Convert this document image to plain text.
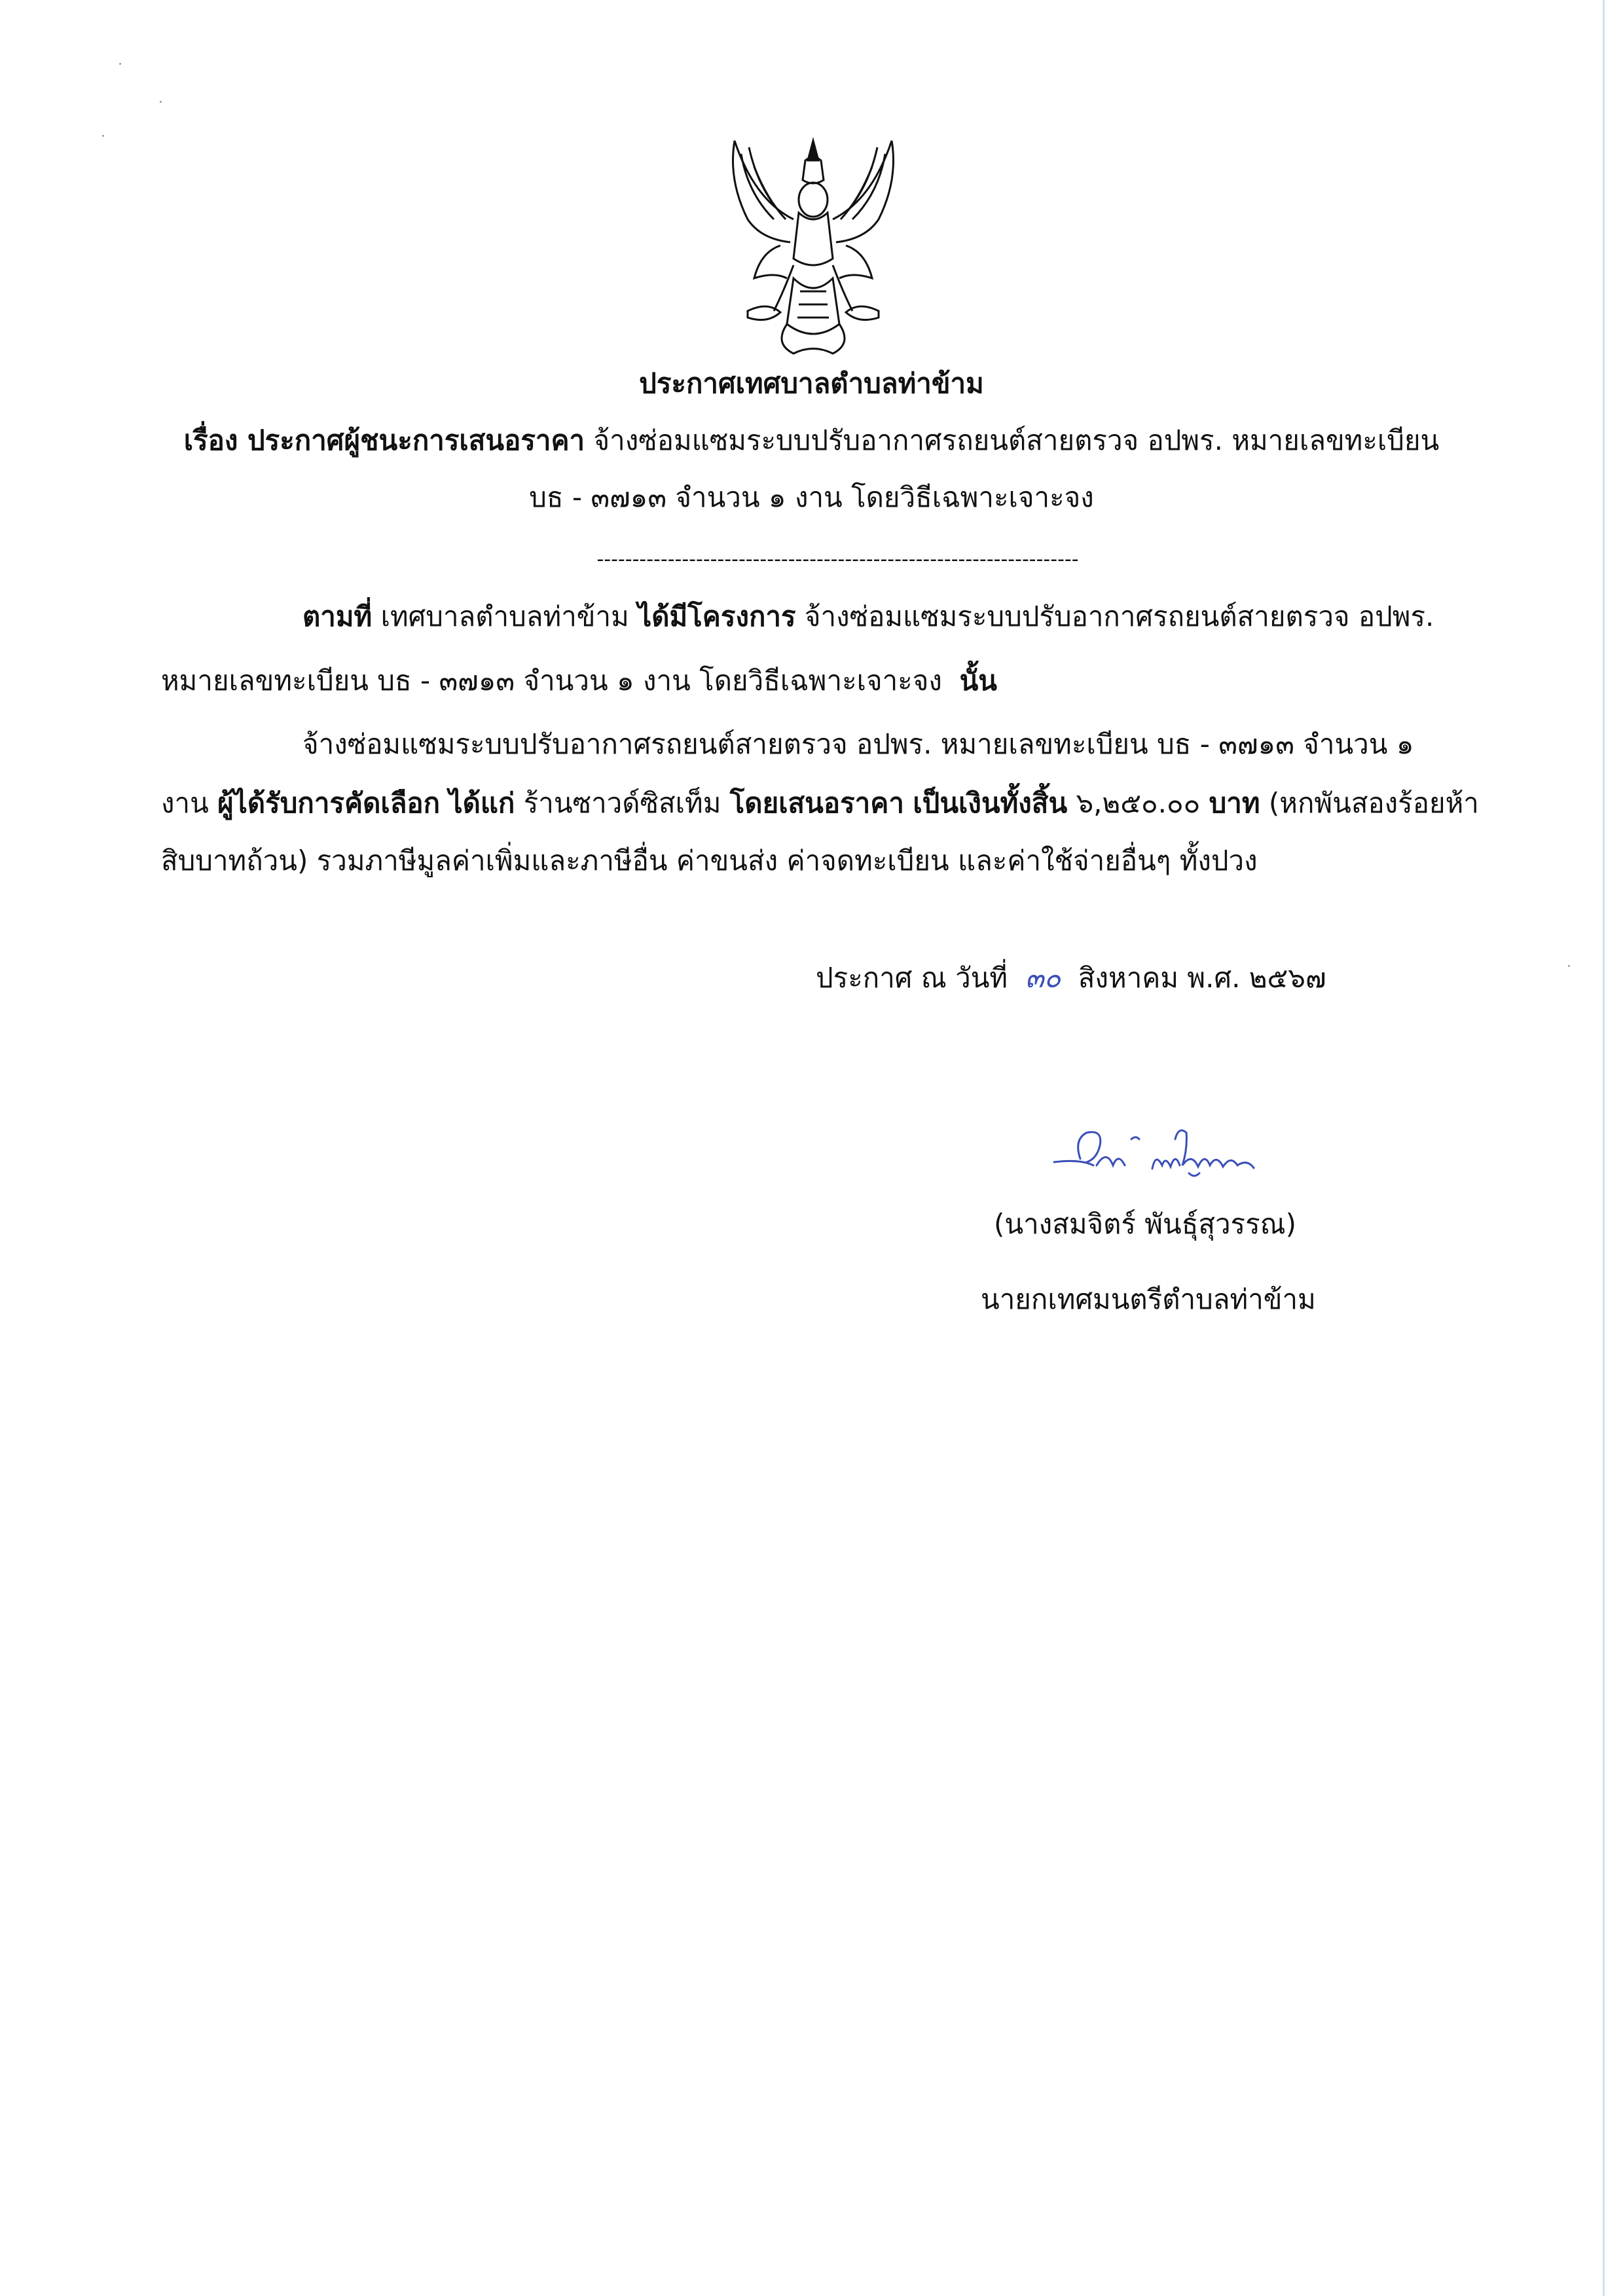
ประกาศเทศบาลตำบลท่าข้าม
เรื่อง ประกาศผู้ชนะการเสนอราคา จ้างซ่อมแซมระบบปรับอากาศรถยนต์สายตรวจ อปพร. หมายเลขทะเบียน
บธ - ๓๗๑๓ จำนวน ๑ งาน โดยวิธีเฉพาะเจาะจง
--------------------------------------------------------------------
ตามที่ เทศบาลตำบลท่าข้าม ได้มีโครงการ จ้างซ่อมแซมระบบปรับอากาศรถยนต์สายตรวจ อปพร.
หมายเลขทะเบียน บธ - ๓๗๑๓ จำนวน ๑ งาน โดยวิธีเฉพาะเจาะจง นั้น
จ้างซ่อมแซมระบบปรับอากาศรถยนต์สายตรวจ อปพร. หมายเลขทะเบียน บธ - ๓๗๑๓ จำนวน ๑
งาน ผู้ได้รับการคัดเลือก ได้แก่ ร้านซาวด์ซิสเท็ม โดยเสนอราคา เป็นเงินทั้งสิ้น ๖,๒๕๐.๐๐ บาท (หกพันสองร้อยห้า
สิบบาทถ้วน) รวมภาษีมูลค่าเพิ่มและภาษีอื่น ค่าขนส่ง ค่าจดทะเบียน และค่าใช้จ่ายอื่นๆ ทั้งปวง
ประกาศ ณ วันที่ ๓๐ สิงหาคม พ.ศ. ๒๕๖๗
(นางสมจิตร์ พันธุ์สุวรรณ)
นายกเทศมนตรีตำบลท่าข้าม
